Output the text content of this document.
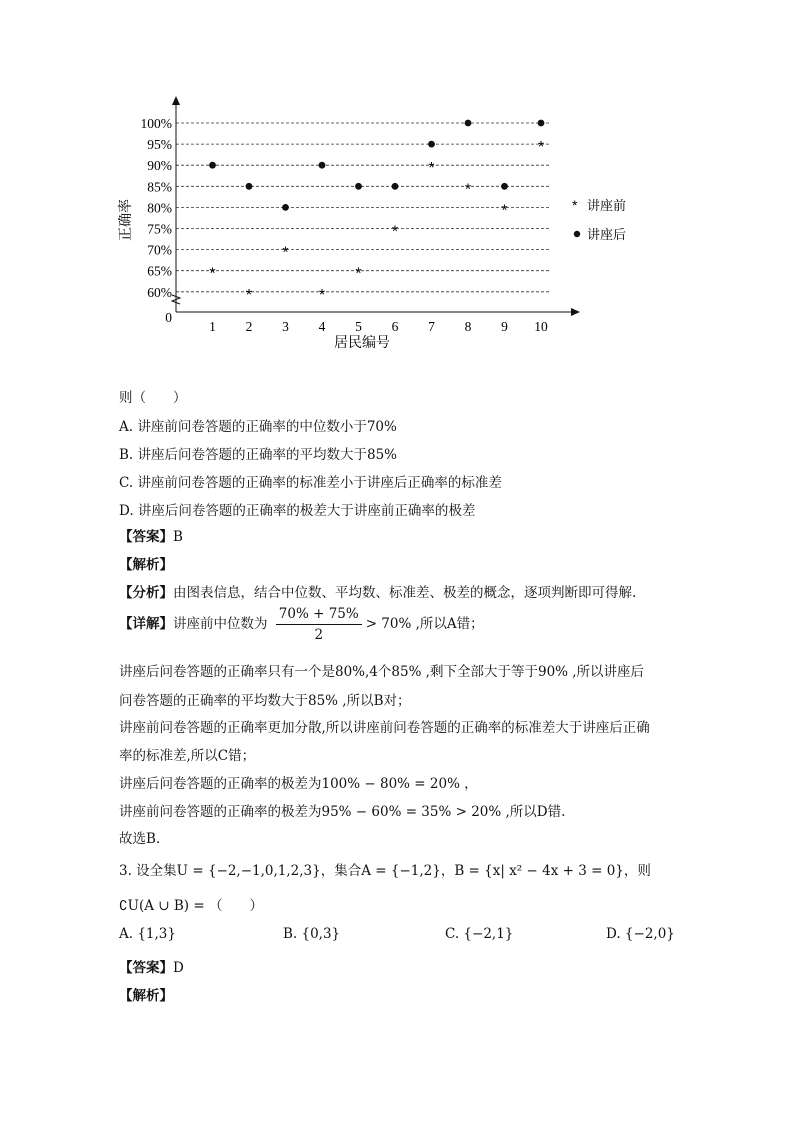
0
60%
65%
70%
75%
80%
85%
90%
95%
100%
1 2 3 4 5 6 7 8 9 10
*
*
*
*
*
*
*
*
*
*
正确率
居民编号
* 讲座前
讲座后
则（　　）
A. 讲座前问卷答题的正确率的中位数小于70%
B. 讲座后问卷答题的正确率的平均数大于85%
C. 讲座前问卷答题的正确率的标准差小于讲座后正确率的标准差
D. 讲座后问卷答题的正确率的极差大于讲座前正确率的极差
【答案】B
【解析】
【分析】由图表信息，结合中位数、平均数、标准差、极差的概念，逐项判断即可得解.
【详解】讲座前中位数为 $\frac{70\% + 75\%}{2} > 70\%$ ,所以A错；
讲座后问卷答题的正确率只有一个是80%,4个85% ,剩下全部大于等于90% ,所以讲座后
问卷答题的正确率的平均数大于85% ,所以B对；
讲座前问卷答题的正确率更加分散,所以讲座前问卷答题的正确率的标准差大于讲座后正确
率的标准差,所以C错；
讲座后问卷答题的正确率的极差为100% − 80% = 20% ，
讲座前问卷答题的正确率的极差为95% − 60% = 35% > 20% ,所以D错.
故选B.
3. 设全集U = {−2,−1,0,1,2,3}，集合A = {−1,2}，B = {x| x² − 4x + 3 = 0}，则
∁U(A ∪ B) = （　　）
A. {1,3}	B. {0,3}	C. {−2,1}	D. {−2,0}
【答案】D
【解析】
